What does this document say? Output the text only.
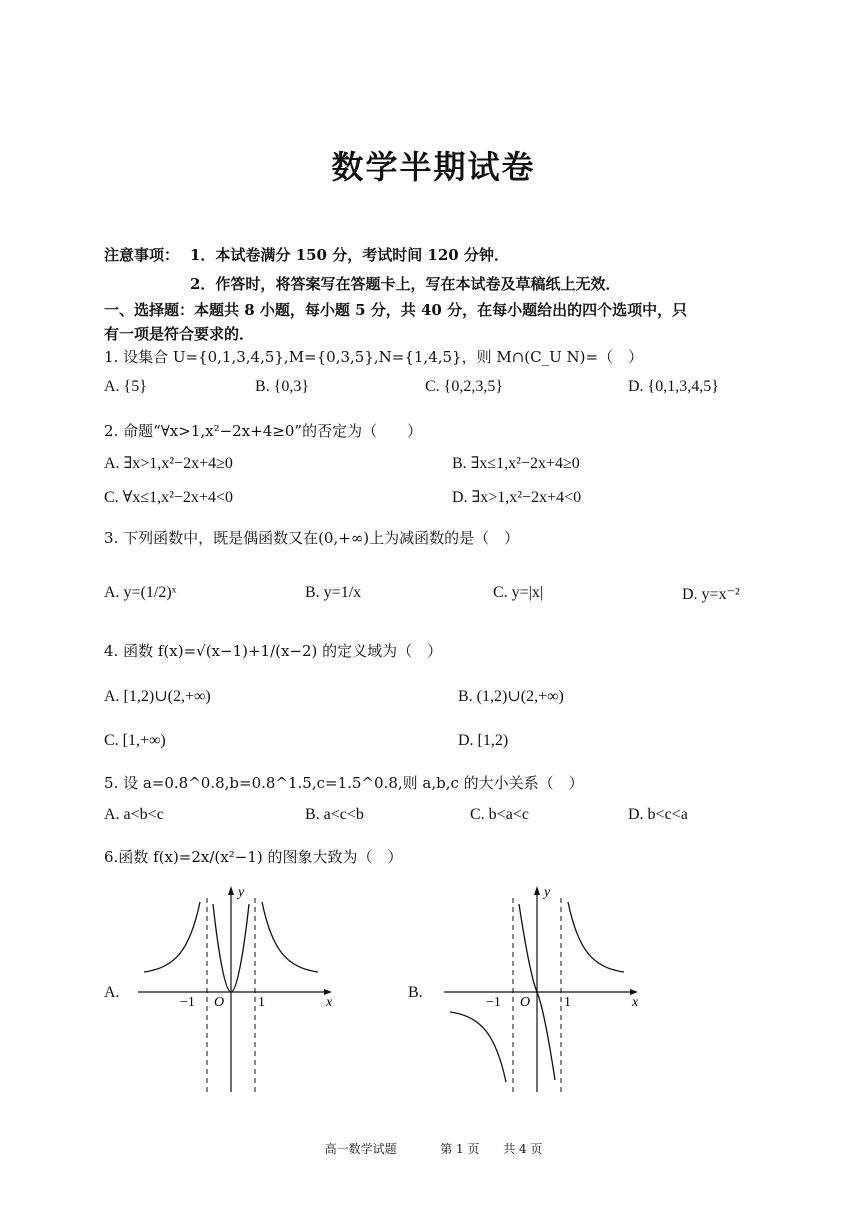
数学半期试卷
注意事项： 1．本试卷满分 150 分，考试时间 120 分钟．
2．作答时，将答案写在答题卡上，写在本试卷及草稿纸上无效．
一、选择题：本题共 8 小题，每小题 5 分，共 40 分，在每小题给出的四个选项中，只
有一项是符合要求的．
1. 设集合 U={0,1,3,4,5},M={0,3,5},N={1,4,5}，则 M∩(C_U N)=（　）
A. {5}	B. {0,3}	C. {0,2,3,5}	D. {0,1,3,4,5}
2. 命题“∀x>1,x²−2x+4≥0”的否定为（　　）
A. ∃x>1,x²−2x+4≥0	B. ∃x≤1,x²−2x+4≥0
C. ∀x≤1,x²−2x+4<0	D. ∃x>1,x²−2x+4<0
3. 下列函数中，既是偶函数又在(0,+∞)上为减函数的是（　）
A. y=(1/2)ˣ	B. y=1/x	C. y=|x|	D. y=x⁻²
4. 函数 f(x)=√(x−1)+1/(x−2) 的定义域为（　）
A. [1,2)∪(2,+∞)	B. (1,2)∪(2,+∞)
C. [1,+∞)	D. [1,2)
5. 设 a=0.8^0.8,b=0.8^1.5,c=1.5^0.8,则 a,b,c 的大小关系（　）
A. a<b<c	B. a<c<b	C. b<a<c	D. b<c<a
6.函数 f(x)=2x/(x²−1) 的图象大致为（　）
A.	B.
y
x
O
−1	1
y
x
O
−1	1
高一数学试题	第 1 页 共 4 页
